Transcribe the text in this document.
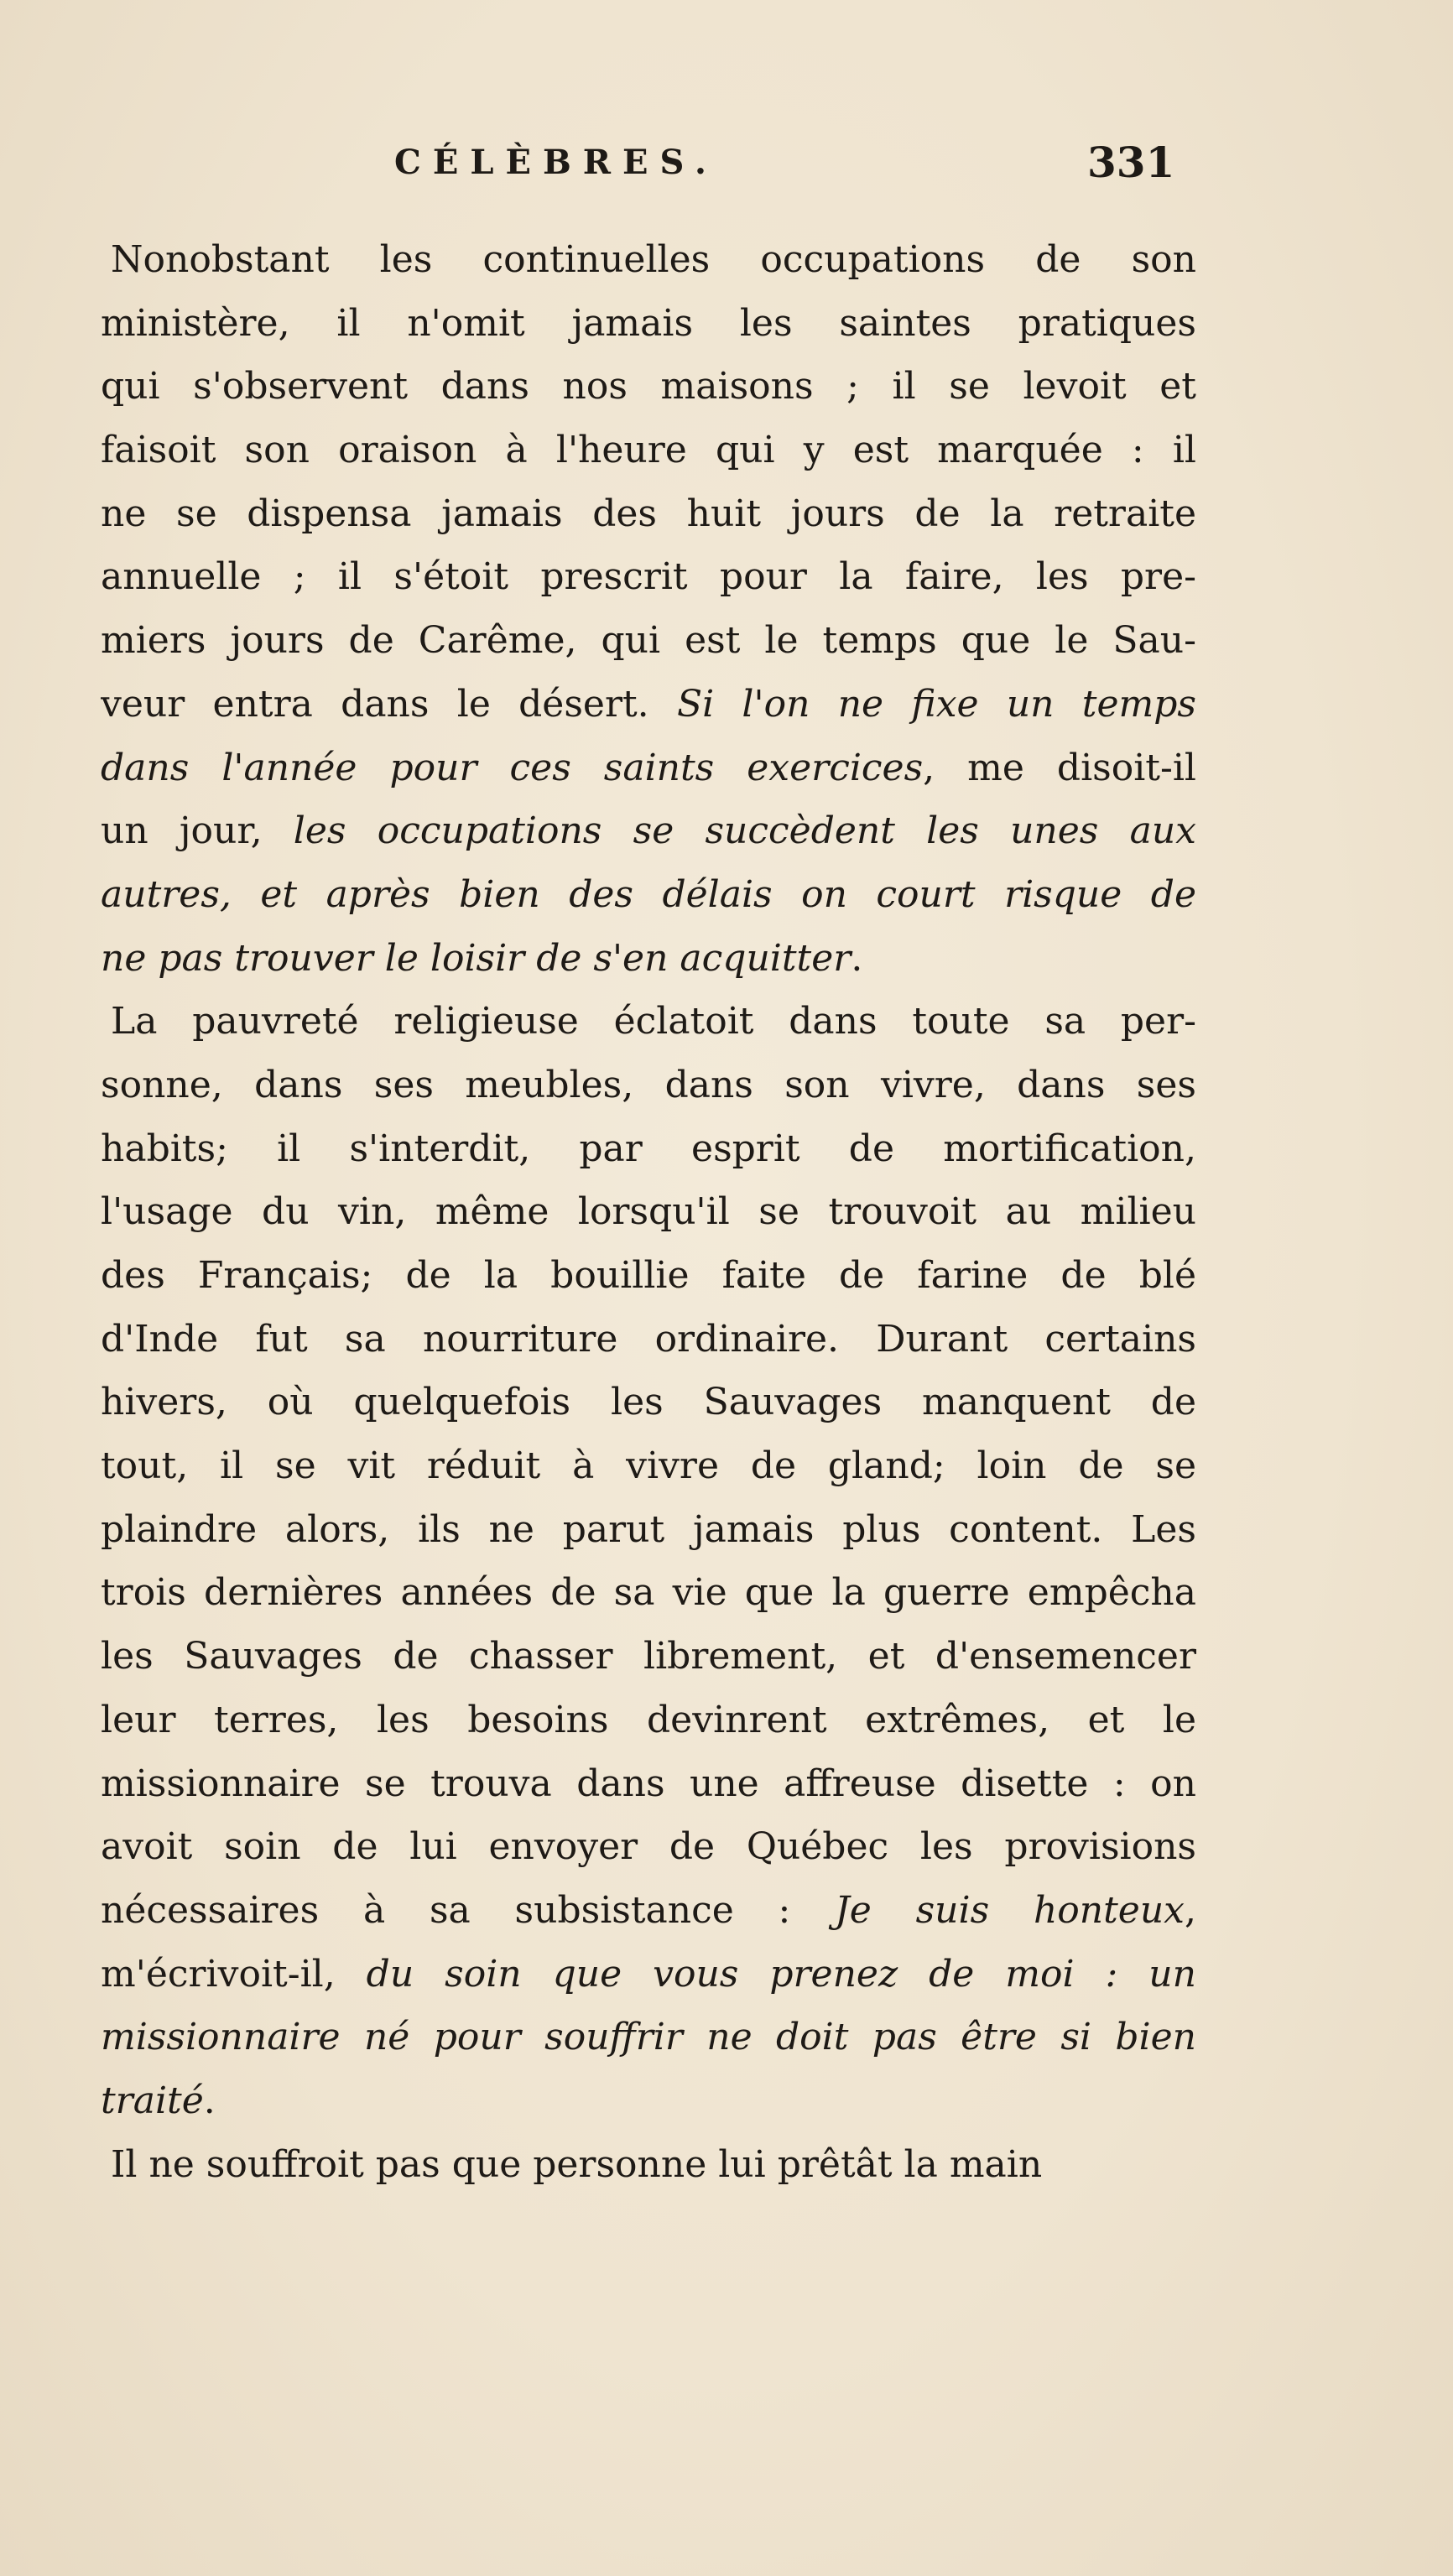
CÉLÈBRES.	331
Nonobstant les continuelles occupations de son
ministère, il n'omit jamais les saintes pratiques
qui s'observent dans nos maisons ; il se levoit et
faisoit son oraison à l'heure qui y est marquée : il
ne se dispensa jamais des huit jours de la retraite
annuelle ; il s'étoit prescrit pour la faire, les pre-
miers jours de Carême, qui est le temps que le Sau-
veur entra dans le désert. Si l'on ne fixe un temps
dans l'année pour ces saints exercices, me disoit-il
un jour, les occupations se succèdent les unes aux
autres, et après bien des délais on court risque de
ne pas trouver le loisir de s'en acquitter.
La pauvreté religieuse éclatoit dans toute sa per-
sonne, dans ses meubles, dans son vivre, dans ses
habits; il s'interdit, par esprit de mortification,
l'usage du vin, même lorsqu'il se trouvoit au milieu
des Français; de la bouillie faite de farine de blé
d'Inde fut sa nourriture ordinaire. Durant certains
hivers, où quelquefois les Sauvages manquent de
tout, il se vit réduit à vivre de gland; loin de se
plaindre alors, ils ne parut jamais plus content. Les
trois dernières années de sa vie que la guerre empêcha
les Sauvages de chasser librement, et d'ensemencer
leur terres, les besoins devinrent extrêmes, et le
missionnaire se trouva dans une affreuse disette : on
avoit soin de lui envoyer de Québec les provisions
nécessaires à sa subsistance : Je suis honteux,
m'écrivoit-il, du soin que vous prenez de moi : un
missionnaire né pour souffrir ne doit pas être si bien
traité.
Il ne souffroit pas que personne lui prêtât la main
